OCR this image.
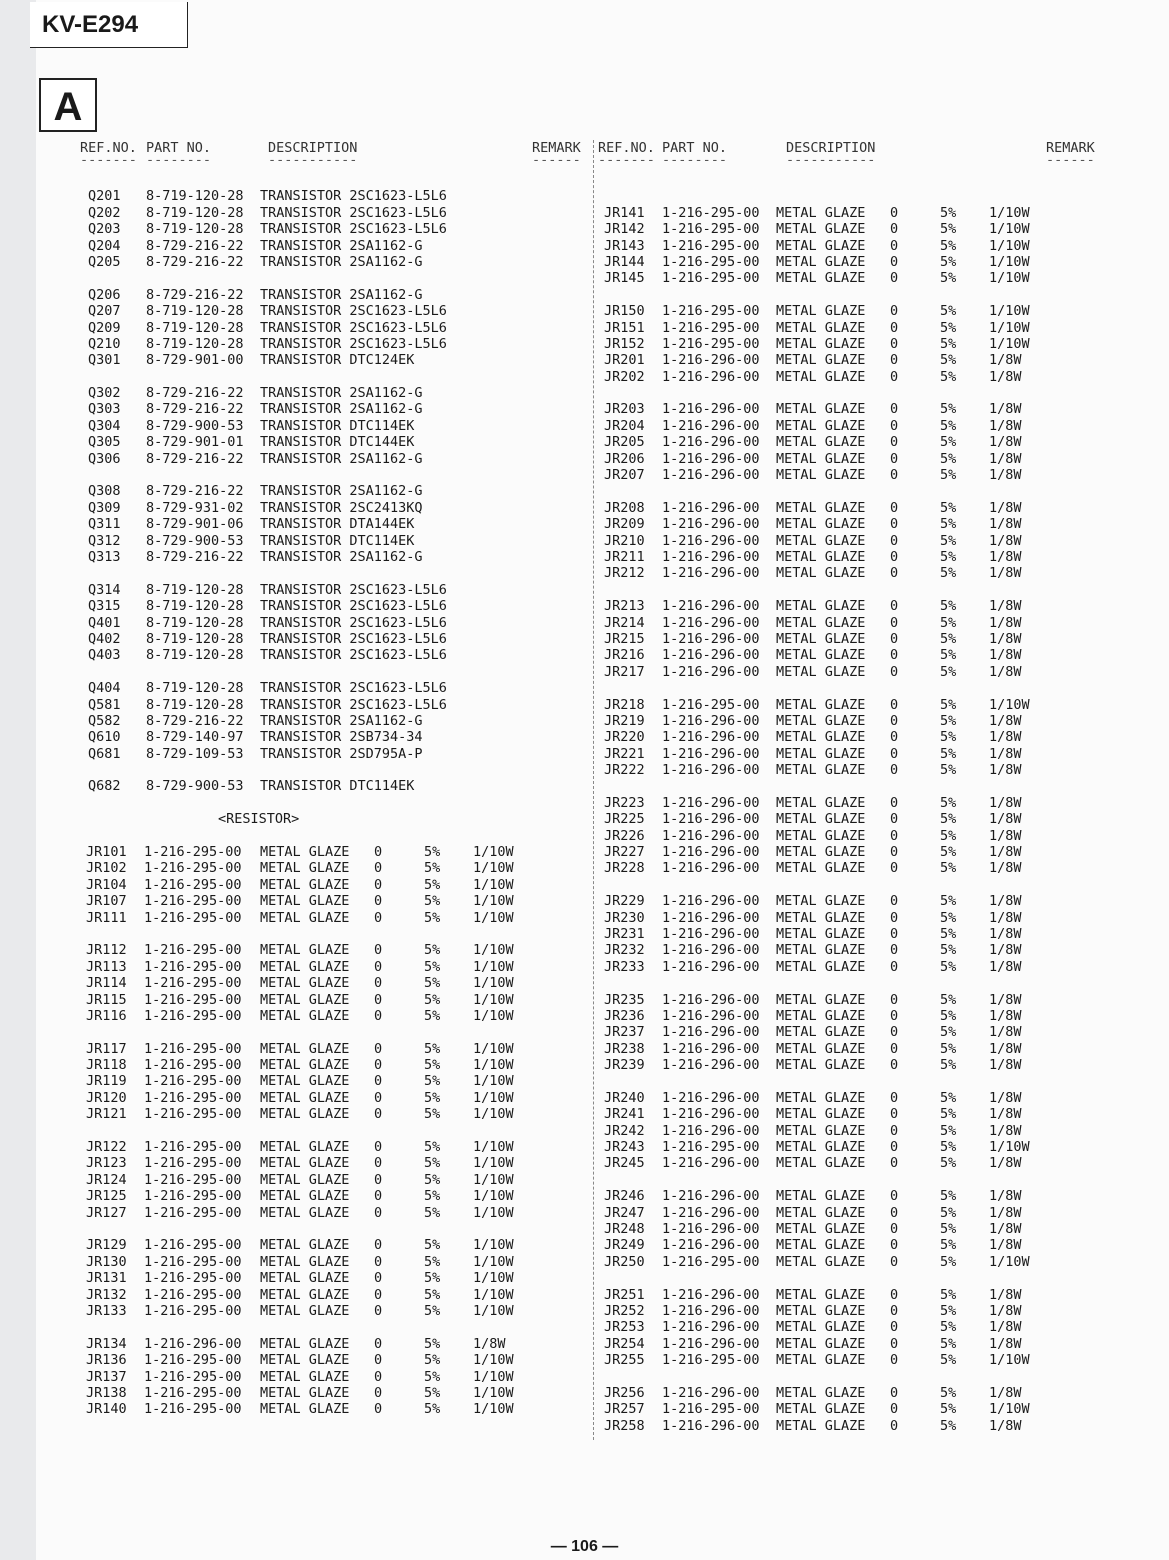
KV-E294
A
REF.NO. PART NO.	DESCRIPTION	REMARK
------- --------	-----------	------
Q201 8-719-120-28 TRANSISTOR 2SC1623-L5L6
Q202 8-719-120-28 TRANSISTOR 2SC1623-L5L6
Q203 8-719-120-28 TRANSISTOR 2SC1623-L5L6
Q204 8-729-216-22 TRANSISTOR 2SA1162-G
Q205 8-729-216-22 TRANSISTOR 2SA1162-G
Q206 8-729-216-22 TRANSISTOR 2SA1162-G
Q207 8-719-120-28 TRANSISTOR 2SC1623-L5L6
Q209 8-719-120-28 TRANSISTOR 2SC1623-L5L6
Q210 8-719-120-28 TRANSISTOR 2SC1623-L5L6
Q301 8-729-901-00 TRANSISTOR DTC124EK
Q302 8-729-216-22 TRANSISTOR 2SA1162-G
Q303 8-729-216-22 TRANSISTOR 2SA1162-G
Q304 8-729-900-53 TRANSISTOR DTC114EK
Q305 8-729-901-01 TRANSISTOR DTC144EK
Q306 8-729-216-22 TRANSISTOR 2SA1162-G
Q308 8-729-216-22 TRANSISTOR 2SA1162-G
Q309 8-729-931-02 TRANSISTOR 2SC2413KQ
Q311 8-729-901-06 TRANSISTOR DTA144EK
Q312 8-729-900-53 TRANSISTOR DTC114EK
Q313 8-729-216-22 TRANSISTOR 2SA1162-G
Q314 8-719-120-28 TRANSISTOR 2SC1623-L5L6
Q315 8-719-120-28 TRANSISTOR 2SC1623-L5L6
Q401 8-719-120-28 TRANSISTOR 2SC1623-L5L6
Q402 8-719-120-28 TRANSISTOR 2SC1623-L5L6
Q403 8-719-120-28 TRANSISTOR 2SC1623-L5L6
Q404 8-719-120-28 TRANSISTOR 2SC1623-L5L6
Q581 8-719-120-28 TRANSISTOR 2SC1623-L5L6
Q582 8-729-216-22 TRANSISTOR 2SA1162-G
Q610 8-729-140-97 TRANSISTOR 2SB734-34
Q681 8-729-109-53 TRANSISTOR 2SD795A-P
Q682 8-729-900-53 TRANSISTOR DTC114EK
<RESISTOR>
JR101 1-216-295-00 METAL GLAZE 0	5% 1/10W
JR102 1-216-295-00 METAL GLAZE 0	5% 1/10W
JR104 1-216-295-00 METAL GLAZE 0	5% 1/10W
JR107 1-216-295-00 METAL GLAZE 0	5% 1/10W
JR111 1-216-295-00 METAL GLAZE 0	5% 1/10W
JR112 1-216-295-00 METAL GLAZE 0	5% 1/10W
JR113 1-216-295-00 METAL GLAZE 0	5% 1/10W
JR114 1-216-295-00 METAL GLAZE 0	5% 1/10W
JR115 1-216-295-00 METAL GLAZE 0	5% 1/10W
JR116 1-216-295-00 METAL GLAZE 0	5% 1/10W
JR117 1-216-295-00 METAL GLAZE 0	5% 1/10W
JR118 1-216-295-00 METAL GLAZE 0	5% 1/10W
JR119 1-216-295-00 METAL GLAZE 0	5% 1/10W
JR120 1-216-295-00 METAL GLAZE 0	5% 1/10W
JR121 1-216-295-00 METAL GLAZE 0	5% 1/10W
JR122 1-216-295-00 METAL GLAZE 0	5% 1/10W
JR123 1-216-295-00 METAL GLAZE 0	5% 1/10W
JR124 1-216-295-00 METAL GLAZE 0	5% 1/10W
JR125 1-216-295-00 METAL GLAZE 0	5% 1/10W
JR127 1-216-295-00 METAL GLAZE 0	5% 1/10W
JR129 1-216-295-00 METAL GLAZE 0	5% 1/10W
JR130 1-216-295-00 METAL GLAZE 0	5% 1/10W
JR131 1-216-295-00 METAL GLAZE 0	5% 1/10W
JR132 1-216-295-00 METAL GLAZE 0	5% 1/10W
JR133 1-216-295-00 METAL GLAZE 0	5% 1/10W
JR134 1-216-296-00 METAL GLAZE 0	5% 1/8W
JR136 1-216-295-00 METAL GLAZE 0	5% 1/10W
JR137 1-216-295-00 METAL GLAZE 0	5% 1/10W
JR138 1-216-295-00 METAL GLAZE 0	5% 1/10W
JR140 1-216-295-00 METAL GLAZE 0	5% 1/10W
REF.NO. PART NO.	DESCRIPTION	REMARK
------- --------	-----------	------
JR141 1-216-295-00 METAL GLAZE 0	5% 1/10W
JR142 1-216-295-00 METAL GLAZE 0	5% 1/10W
JR143 1-216-295-00 METAL GLAZE 0	5% 1/10W
JR144 1-216-295-00 METAL GLAZE 0	5% 1/10W
JR145 1-216-295-00 METAL GLAZE 0	5% 1/10W
JR150 1-216-295-00 METAL GLAZE 0	5% 1/10W
JR151 1-216-295-00 METAL GLAZE 0	5% 1/10W
JR152 1-216-295-00 METAL GLAZE 0	5% 1/10W
JR201 1-216-296-00 METAL GLAZE 0	5% 1/8W
JR202 1-216-296-00 METAL GLAZE 0	5% 1/8W
JR203 1-216-296-00 METAL GLAZE 0	5% 1/8W
JR204 1-216-296-00 METAL GLAZE 0	5% 1/8W
JR205 1-216-296-00 METAL GLAZE 0	5% 1/8W
JR206 1-216-296-00 METAL GLAZE 0	5% 1/8W
JR207 1-216-296-00 METAL GLAZE 0	5% 1/8W
JR208 1-216-296-00 METAL GLAZE 0	5% 1/8W
JR209 1-216-296-00 METAL GLAZE 0	5% 1/8W
JR210 1-216-296-00 METAL GLAZE 0	5% 1/8W
JR211 1-216-296-00 METAL GLAZE 0	5% 1/8W
JR212 1-216-296-00 METAL GLAZE 0	5% 1/8W
JR213 1-216-296-00 METAL GLAZE 0	5% 1/8W
JR214 1-216-296-00 METAL GLAZE 0	5% 1/8W
JR215 1-216-296-00 METAL GLAZE 0	5% 1/8W
JR216 1-216-296-00 METAL GLAZE 0	5% 1/8W
JR217 1-216-296-00 METAL GLAZE 0	5% 1/8W
JR218 1-216-295-00 METAL GLAZE 0	5% 1/10W
JR219 1-216-296-00 METAL GLAZE 0	5% 1/8W
JR220 1-216-296-00 METAL GLAZE 0	5% 1/8W
JR221 1-216-296-00 METAL GLAZE 0	5% 1/8W
JR222 1-216-296-00 METAL GLAZE 0	5% 1/8W
JR223 1-216-296-00 METAL GLAZE 0	5% 1/8W
JR225 1-216-296-00 METAL GLAZE 0	5% 1/8W
JR226 1-216-296-00 METAL GLAZE 0	5% 1/8W
JR227 1-216-296-00 METAL GLAZE 0	5% 1/8W
JR228 1-216-296-00 METAL GLAZE 0	5% 1/8W
JR229 1-216-296-00 METAL GLAZE 0	5% 1/8W
JR230 1-216-296-00 METAL GLAZE 0	5% 1/8W
JR231 1-216-296-00 METAL GLAZE 0	5% 1/8W
JR232 1-216-296-00 METAL GLAZE 0	5% 1/8W
JR233 1-216-296-00 METAL GLAZE 0	5% 1/8W
JR235 1-216-296-00 METAL GLAZE 0	5% 1/8W
JR236 1-216-296-00 METAL GLAZE 0	5% 1/8W
JR237 1-216-296-00 METAL GLAZE 0	5% 1/8W
JR238 1-216-296-00 METAL GLAZE 0	5% 1/8W
JR239 1-216-296-00 METAL GLAZE 0	5% 1/8W
JR240 1-216-296-00 METAL GLAZE 0	5% 1/8W
JR241 1-216-296-00 METAL GLAZE 0	5% 1/8W
JR242 1-216-296-00 METAL GLAZE 0	5% 1/8W
JR243 1-216-295-00 METAL GLAZE 0	5% 1/10W
JR245 1-216-296-00 METAL GLAZE 0	5% 1/8W
JR246 1-216-296-00 METAL GLAZE 0	5% 1/8W
JR247 1-216-296-00 METAL GLAZE 0	5% 1/8W
JR248 1-216-296-00 METAL GLAZE 0	5% 1/8W
JR249 1-216-296-00 METAL GLAZE 0	5% 1/8W
JR250 1-216-295-00 METAL GLAZE 0	5% 1/10W
JR251 1-216-296-00 METAL GLAZE 0	5% 1/8W
JR252 1-216-296-00 METAL GLAZE 0	5% 1/8W
JR253 1-216-296-00 METAL GLAZE 0	5% 1/8W
JR254 1-216-296-00 METAL GLAZE 0	5% 1/8W
JR255 1-216-295-00 METAL GLAZE 0	5% 1/10W
JR256 1-216-296-00 METAL GLAZE 0	5% 1/8W
JR257 1-216-295-00 METAL GLAZE 0	5% 1/10W
JR258 1-216-296-00 METAL GLAZE 0	5% 1/8W
— 106 —
